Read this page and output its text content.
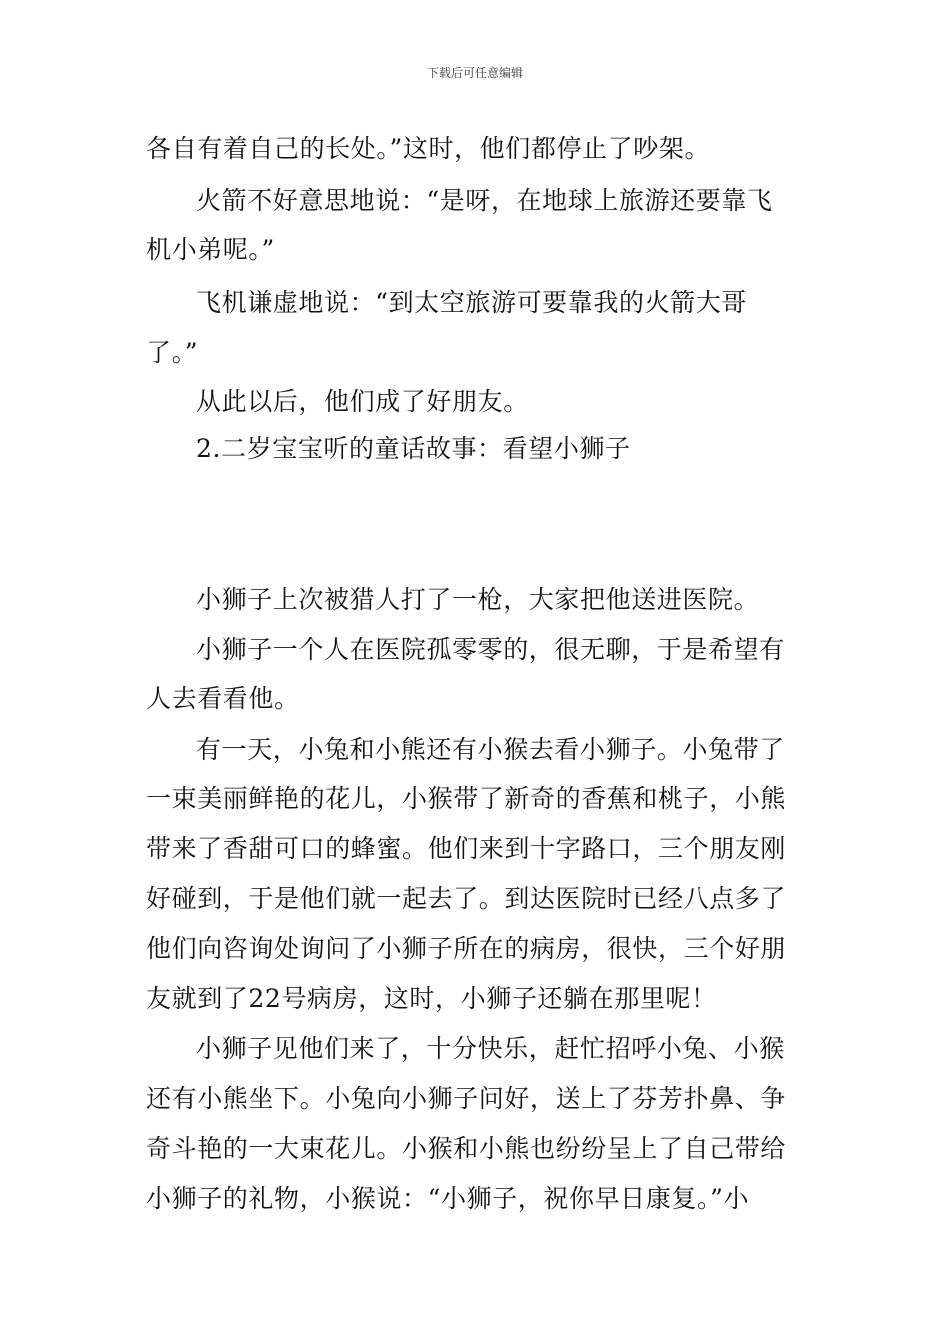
下载后可任意编辑
各自有着自己的长处。”这时，他们都停止了吵架。
火箭不好意思地说：“是呀，在地球上旅游还要靠飞
机小弟呢。”
飞机谦虚地说：“到太空旅游可要靠我的火箭大哥
了。”
从此以后，他们成了好朋友。
2.二岁宝宝听的童话故事：看望小狮子
小狮子上次被猎人打了一枪，大家把他送进医院。
小狮子一个人在医院孤零零的，很无聊，于是希望有
人去看看他。
有一天，小兔和小熊还有小猴去看小狮子。小兔带了
一束美丽鲜艳的花儿，小猴带了新奇的香蕉和桃子，小熊
带来了香甜可口的蜂蜜。他们来到十字路口，三个朋友刚
好碰到，于是他们就一起去了。到达医院时已经八点多了
他们向咨询处询问了小狮子所在的病房，很快，三个好朋
友就到了22号病房，这时，小狮子还躺在那里呢！
小狮子见他们来了，十分快乐，赶忙招呼小兔、小猴
还有小熊坐下。小兔向小狮子问好，送上了芬芳扑鼻、争
奇斗艳的一大束花儿。小猴和小熊也纷纷呈上了自己带给
小狮子的礼物，小猴说：“小狮子，祝你早日康复。”小
